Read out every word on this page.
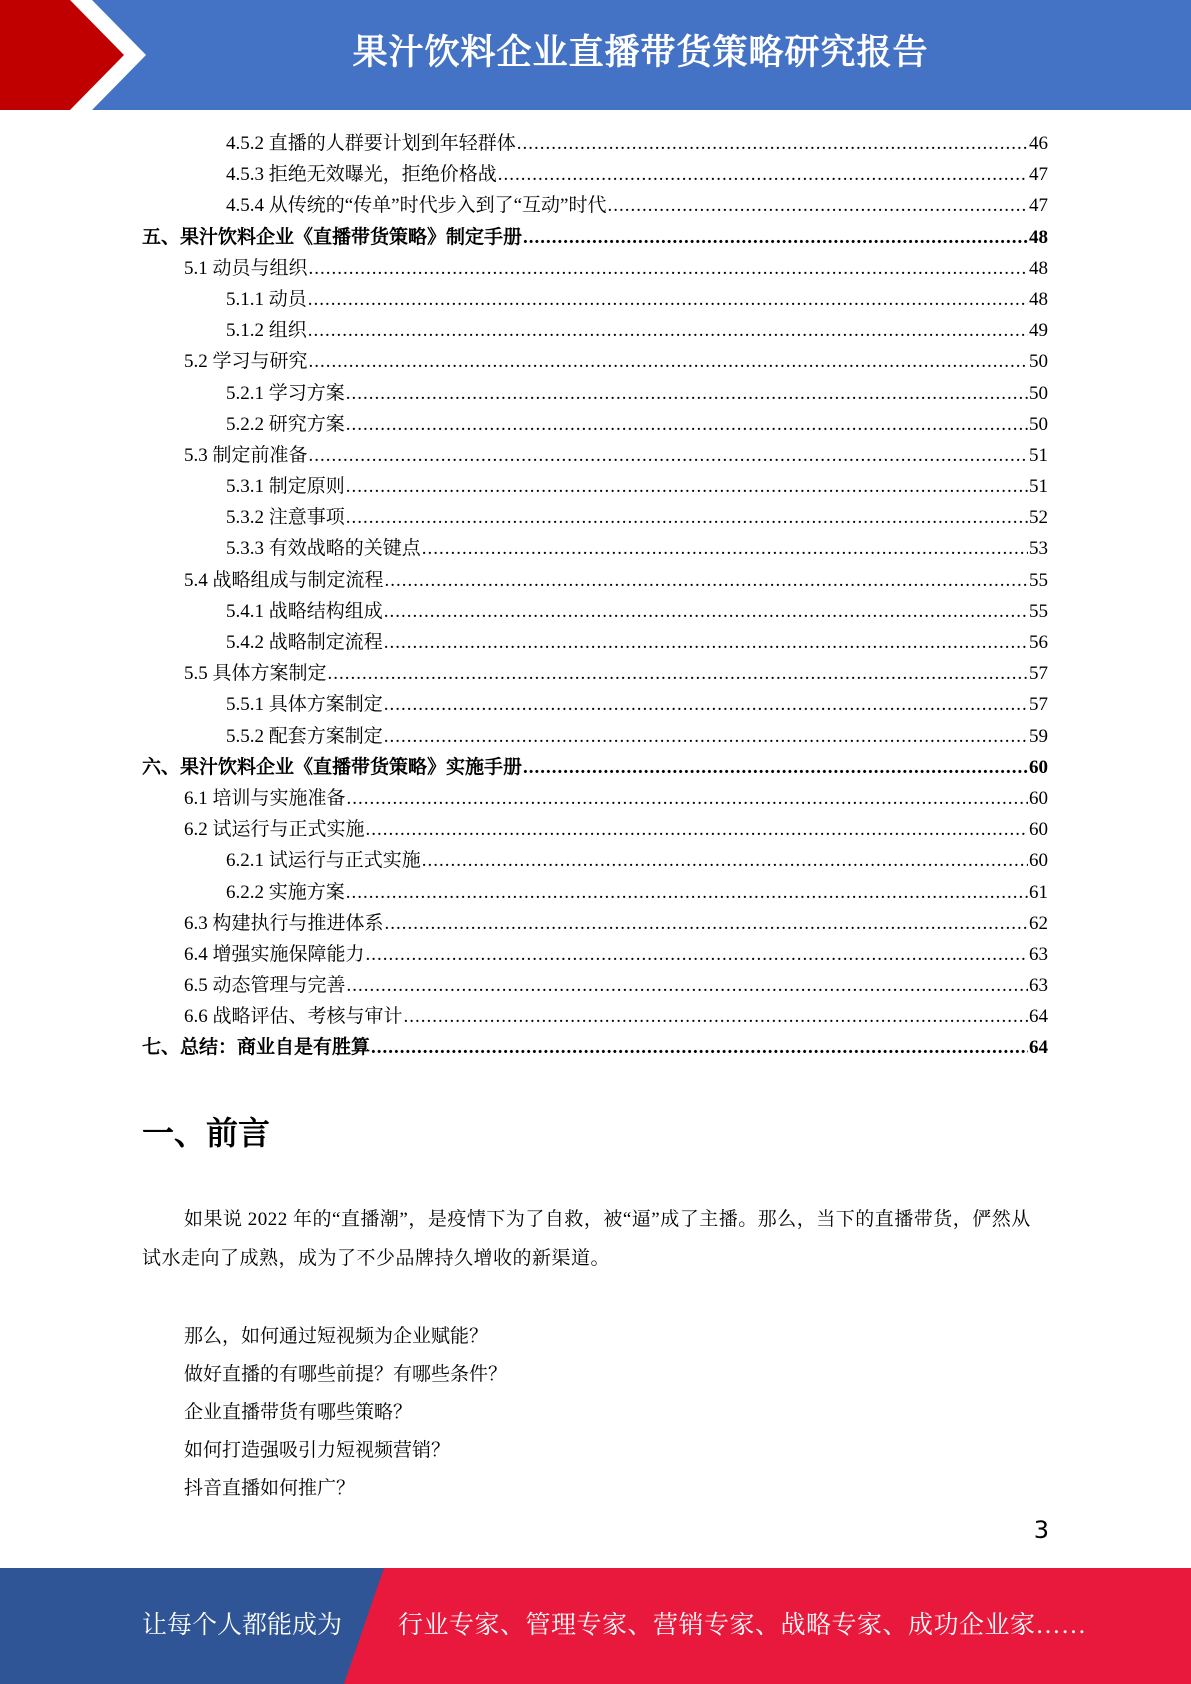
果汁饮料企业直播带货策略研究报告
4.5.2 直播的人群要计划到年轻群体 .....	46
4.5.3 拒绝无效曝光，拒绝价格战 .....	47
4.5.4 从传统的“传单”时代步入到了“互动”时代 .....	47
五、果汁饮料企业《直播带货策略》制定手册 .....	48
5.1 动员与组织 .....	48
5.1.1 动员 .....	48
5.1.2 组织 .....	49
5.2 学习与研究 .....	50
5.2.1 学习方案 .....	50
5.2.2 研究方案 .....	50
5.3 制定前准备 .....	51
5.3.1 制定原则 .....	51
5.3.2 注意事项 .....	52
5.3.3 有效战略的关键点 .....	53
5.4 战略组成与制定流程 .....	55
5.4.1 战略结构组成 .....	55
5.4.2 战略制定流程 .....	56
5.5 具体方案制定 .....	57
5.5.1 具体方案制定 .....	57
5.5.2 配套方案制定 .....	59
六、果汁饮料企业《直播带货策略》实施手册 .....	60
6.1 培训与实施准备 .....	60
6.2 试运行与正式实施 .....	60
6.2.1 试运行与正式实施 .....	60
6.2.2 实施方案 .....	61
6.3 构建执行与推进体系 .....	62
6.4 增强实施保障能力 .....	63
6.5 动态管理与完善 .....	63
6.6 战略评估、考核与审计 .....	64
七、总结：商业自是有胜算 .....	64
一、前言

如果说 2022 年的“直播潮”，是疫情下为了自救，被“逼”成了主播。那么，当下的直播带货，俨然从试水走向了成熟，成为了不少品牌持久增收的新渠道。

那么，如何通过短视频为企业赋能？
做好直播的有哪些前提？有哪些条件？
企业直播带货有哪些策略？
如何打造强吸引力短视频营销？
抖音直播如何推广？
3
让每个人都能成为 行业专家、管理专家、营销专家、战略专家、成功企业家……
